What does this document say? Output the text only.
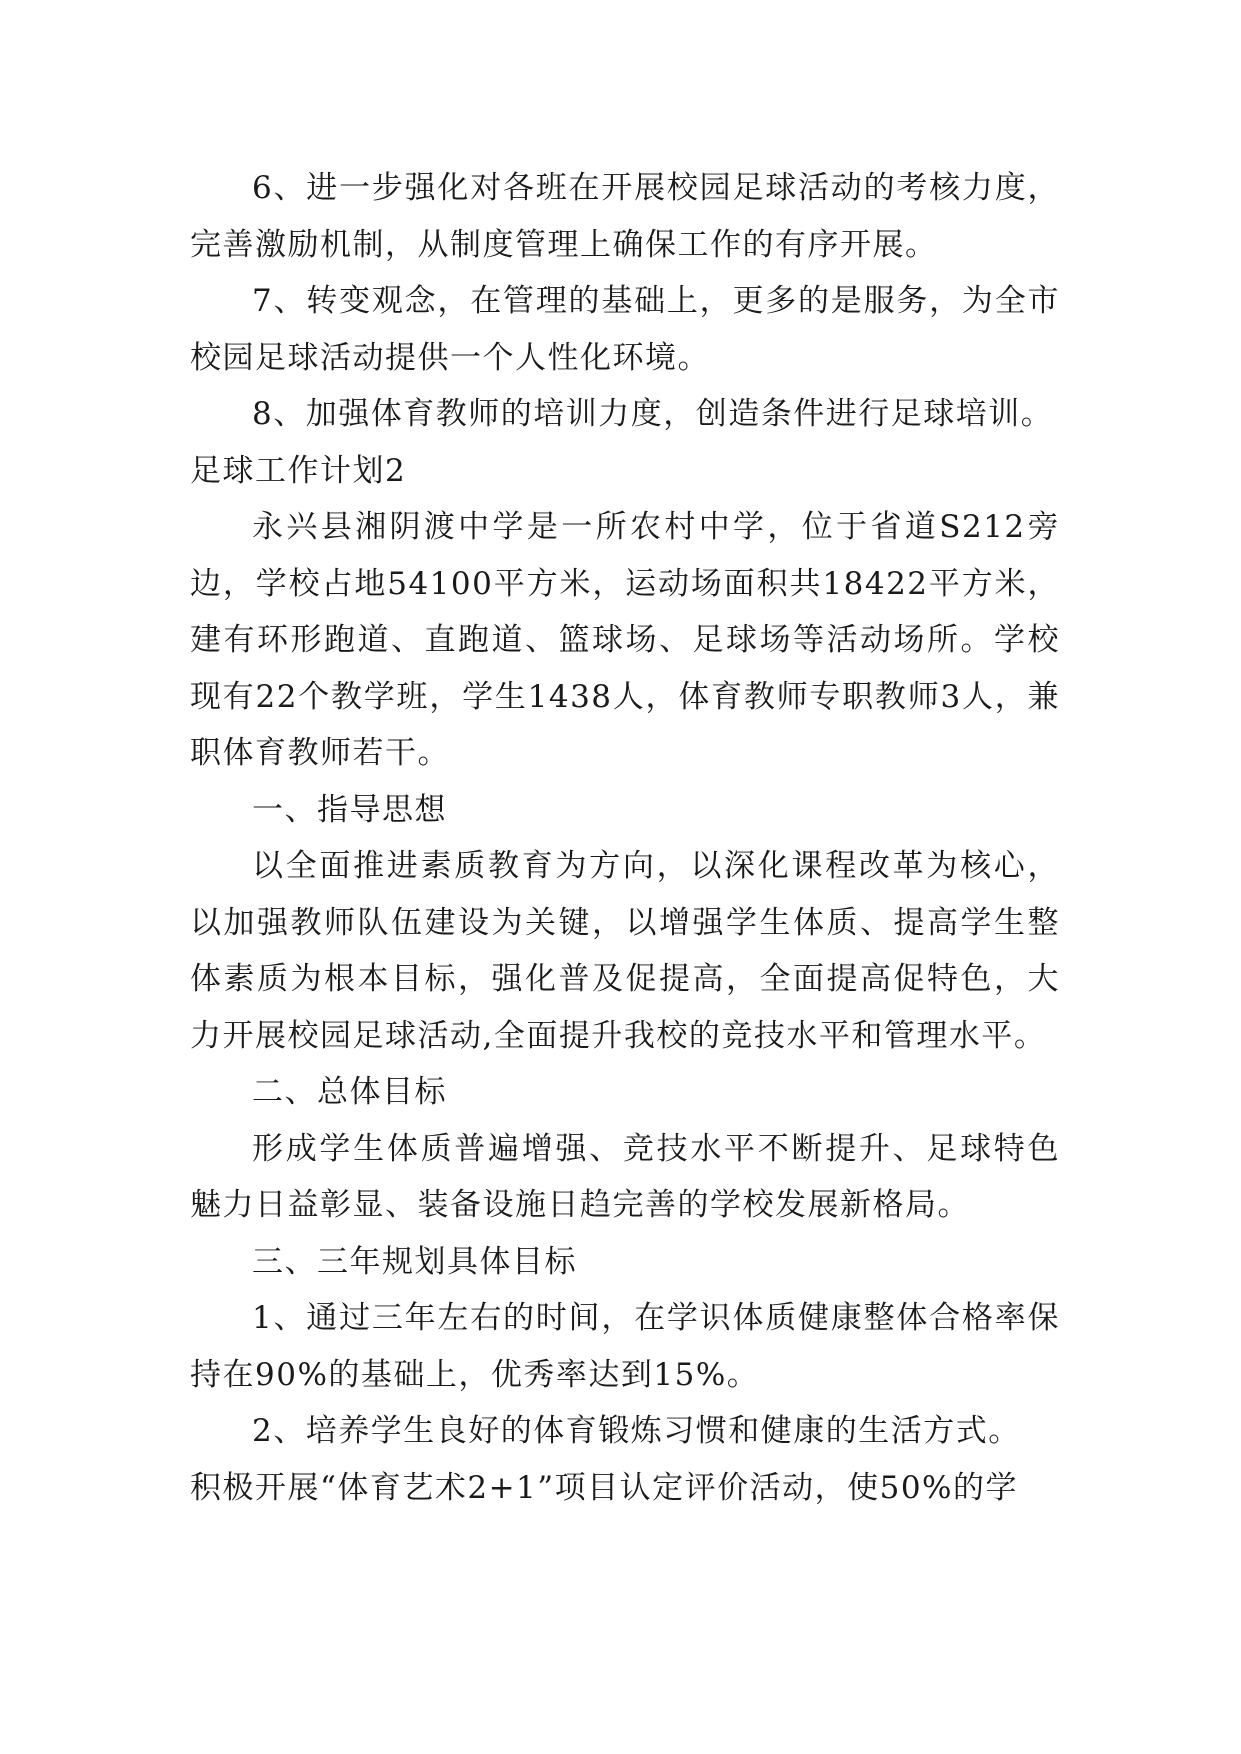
6、进一步强化对各班在开展校园足球活动的考核力度，完善激励机制，从制度管理上确保工作的有序开展。

7、转变观念，在管理的基础上，更多的是服务，为全市校园足球活动提供一个人性化环境。

8、加强体育教师的培训力度，创造条件进行足球培训。

足球工作计划2

永兴县湘阴渡中学是一所农村中学，位于省道S212旁边，学校占地54100平方米，运动场面积共18422平方米，建有环形跑道、直跑道、篮球场、足球场等活动场所。学校现有22个教学班，学生1438人，体育教师专职教师3人，兼职体育教师若干。

一、指导思想

以全面推进素质教育为方向，以深化课程改革为核心，以加强教师队伍建设为关键，以增强学生体质、提高学生整体素质为根本目标，强化普及促提高，全面提高促特色，大力开展校园足球活动,全面提升我校的竞技水平和管理水平。

二、总体目标

形成学生体质普遍增强、竞技水平不断提升、足球特色魅力日益彰显、装备设施日趋完善的学校发展新格局。

三、三年规划具体目标

1、通过三年左右的时间，在学识体质健康整体合格率保持在90%的基础上，优秀率达到15%。

2、培养学生良好的体育锻炼习惯和健康的生活方式。

积极开展“体育艺术2+1”项目认定评价活动，使50%的学
